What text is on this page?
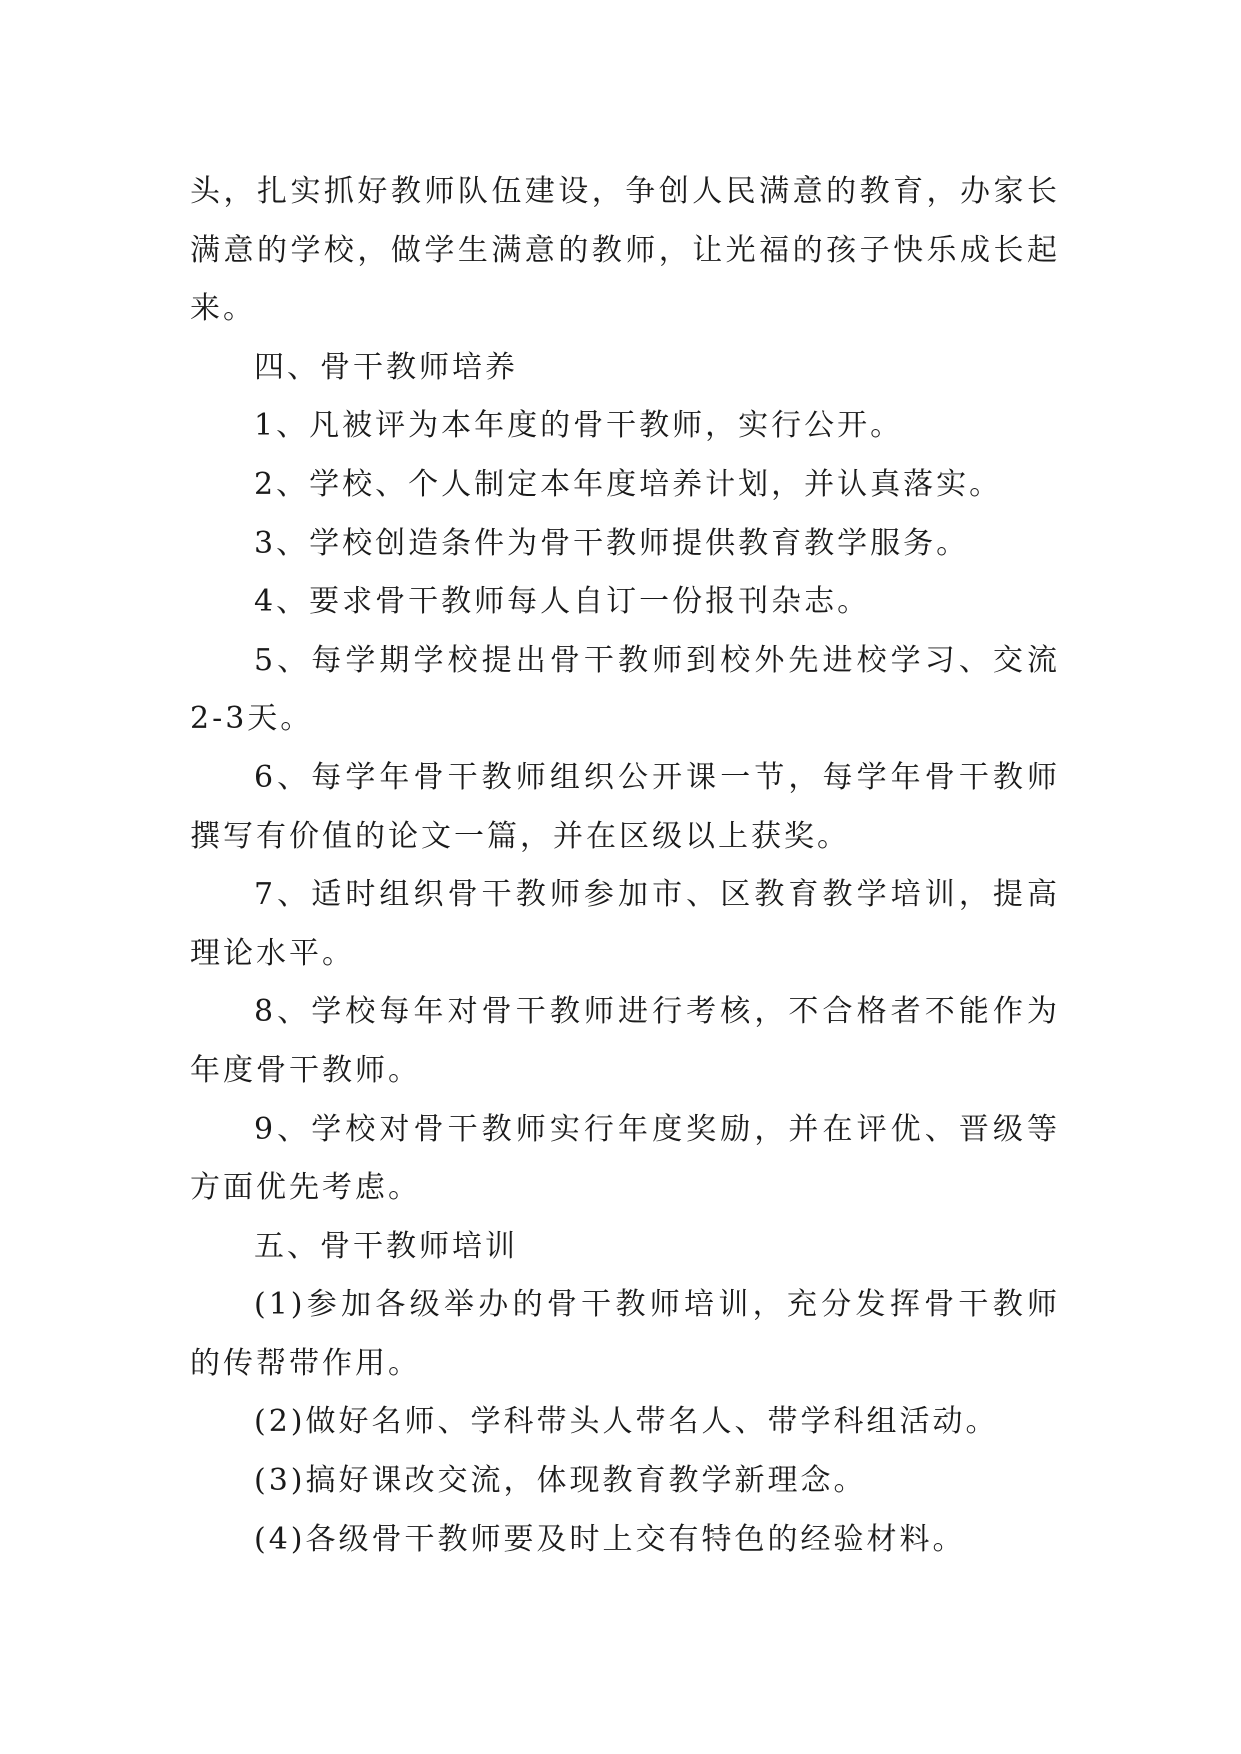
头，扎实抓好教师队伍建设，争创人民满意的教育，办家长满意的学校，做学生满意的教师，让光福的孩子快乐成长起来。

四、骨干教师培养

1、凡被评为本年度的骨干教师，实行公开。

2、学校、个人制定本年度培养计划，并认真落实。

3、学校创造条件为骨干教师提供教育教学服务。

4、要求骨干教师每人自订一份报刊杂志。

5、每学期学校提出骨干教师到校外先进校学习、交流2-3天。

6、每学年骨干教师组织公开课一节，每学年骨干教师撰写有价值的论文一篇，并在区级以上获奖。

7、适时组织骨干教师参加市、区教育教学培训，提高理论水平。

8、学校每年对骨干教师进行考核，不合格者不能作为年度骨干教师。

9、学校对骨干教师实行年度奖励，并在评优、晋级等方面优先考虑。

五、骨干教师培训

(1)参加各级举办的骨干教师培训，充分发挥骨干教师的传帮带作用。

(2)做好名师、学科带头人带名人、带学科组活动。

(3)搞好课改交流，体现教育教学新理念。

(4)各级骨干教师要及时上交有特色的经验材料。
